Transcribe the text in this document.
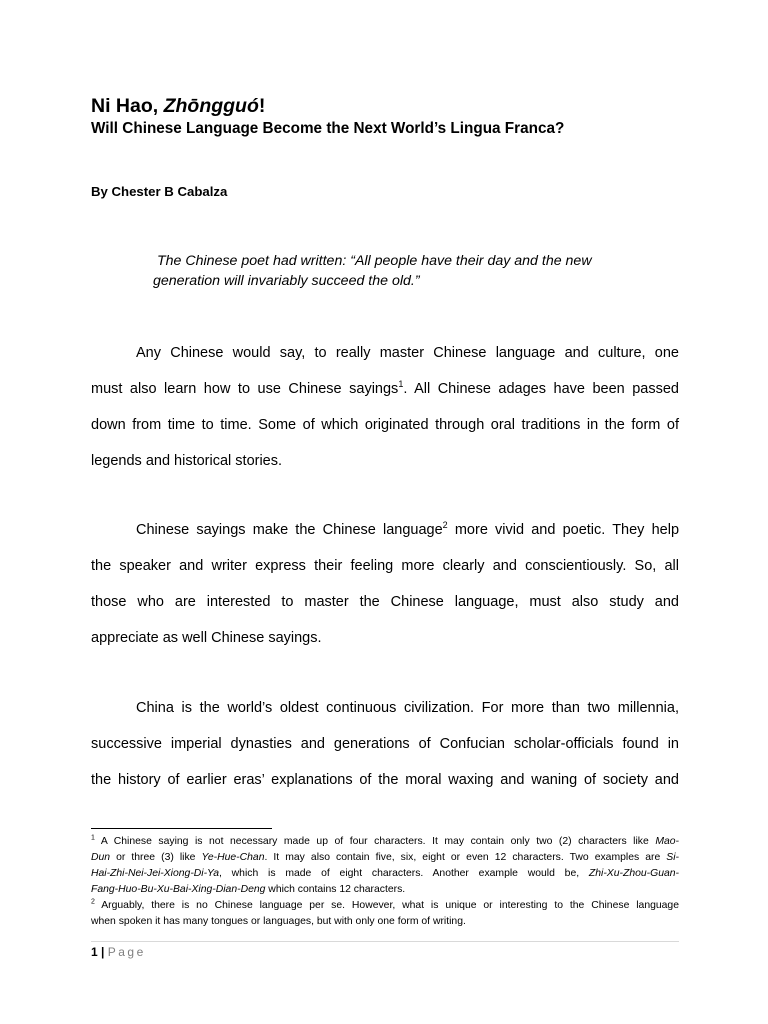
Ni Hao, Zhōngguó!
Will Chinese Language Become the Next World’s Lingua Franca?
By Chester B Cabalza
The Chinese poet had written: “All people have their day and the new
generation will invariably succeed the old.”
Any Chinese would say, to really master Chinese language and culture, one
must also learn how to use Chinese sayings$^1$. All Chinese adages have been passed
down from time to time. Some of which originated through oral traditions in the form of
legends and historical stories.
Chinese sayings make the Chinese language$^2$ more vivid and poetic. They help
the speaker and writer express their feeling more clearly and conscientiously. So, all
those who are interested to master the Chinese language, must also study and
appreciate as well Chinese sayings.
China is the world’s oldest continuous civilization. For more than two millennia,
successive imperial dynasties and generations of Confucian scholar-officials found in
the history of earlier eras’ explanations of the moral waxing and waning of society and
$^1$ A Chinese saying is not necessary made up of four characters. It may contain only two (2) characters like Mao-
Dun or three (3) like Ye-Hue-Chan. It may also contain five, six, eight or even 12 characters. Two examples are Si-
Hai-Zhi-Nei-Jei-Xiong-Di-Ya, which is made of eight characters. Another example would be, Zhi-Xu-Zhou-Guan-
Fang-Huo-Bu-Xu-Bai-Xing-Dian-Deng which contains 12 characters.
$^2$ Arguably, there is no Chinese language per se. However, what is unique or interesting to the Chinese language
when spoken it has many tongues or languages, but with only one form of writing.
1 | Page
